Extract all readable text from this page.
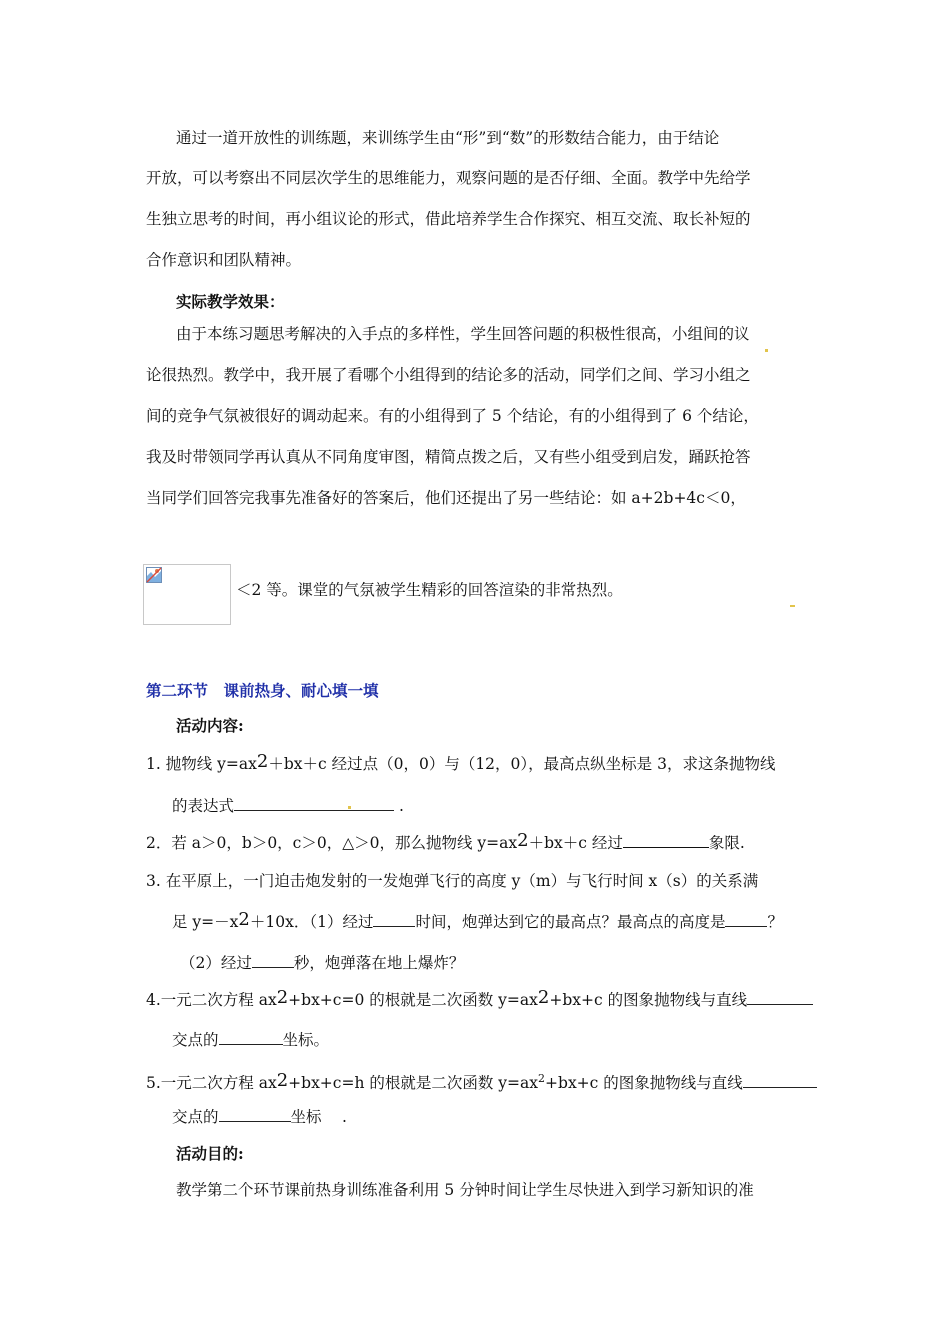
通过一道开放性的训练题，来训练学生由“形”到“数”的形数结合能力，由于结论
开放，可以考察出不同层次学生的思维能力，观察问题的是否仔细、全面。教学中先给学
生独立思考的时间，再小组议论的形式，借此培养学生合作探究、相互交流、取长补短的
合作意识和团队精神。
实际教学效果：
由于本练习题思考解决的入手点的多样性，学生回答问题的积极性很高，小组间的议
论很热烈。教学中，我开展了看哪个小组得到的结论多的活动，同学们之间、学习小组之
间的竞争气氛被很好的调动起来。有的小组得到了 5 个结论，有的小组得到了 6 个结论，
我及时带领同学再认真从不同角度审图，精简点拨之后，又有些小组受到启发，踊跃抢答
当同学们回答完我事先准备好的答案后，他们还提出了另一些结论：如 a+2b+4c＜0，
＜2 等。课堂的气氛被学生精彩的回答渲染的非常热烈。
第二环节　课前热身、耐心填一填
活动内容:
1. 抛物线 y=ax2＋bx＋c 经过点（0，0）与（12，0），最高点纵坐标是 3，求这条抛物线
的表达式	.
2．若 a＞0，b＞0，c＞0，△＞0，那么抛物线 y=ax2＋bx＋c 经过	象限.
3. 在平原上，一门迫击炮发射的一发炮弹飞行的高度 y（m）与飞行时间 x（s）的关系满
足 y=－x2＋10x．（1）经过	时间，炮弹达到它的最高点？最高点的高度是	？
（2）经过	秒，炮弹落在地上爆炸？
4.一元二次方程 ax2+bx+c=0 的根就是二次函数 y=ax2+bx+c 的图象抛物线与直线
交点的	坐标。
5.一元二次方程 ax2+bx+c=h 的根就是二次函数 $y=ax^2+bx+c$ 的图象抛物线与直线
交点的	坐标　 .
活动目的:
教学第二个环节课前热身训练准备利用 5 分钟时间让学生尽快进入到学习新知识的准
